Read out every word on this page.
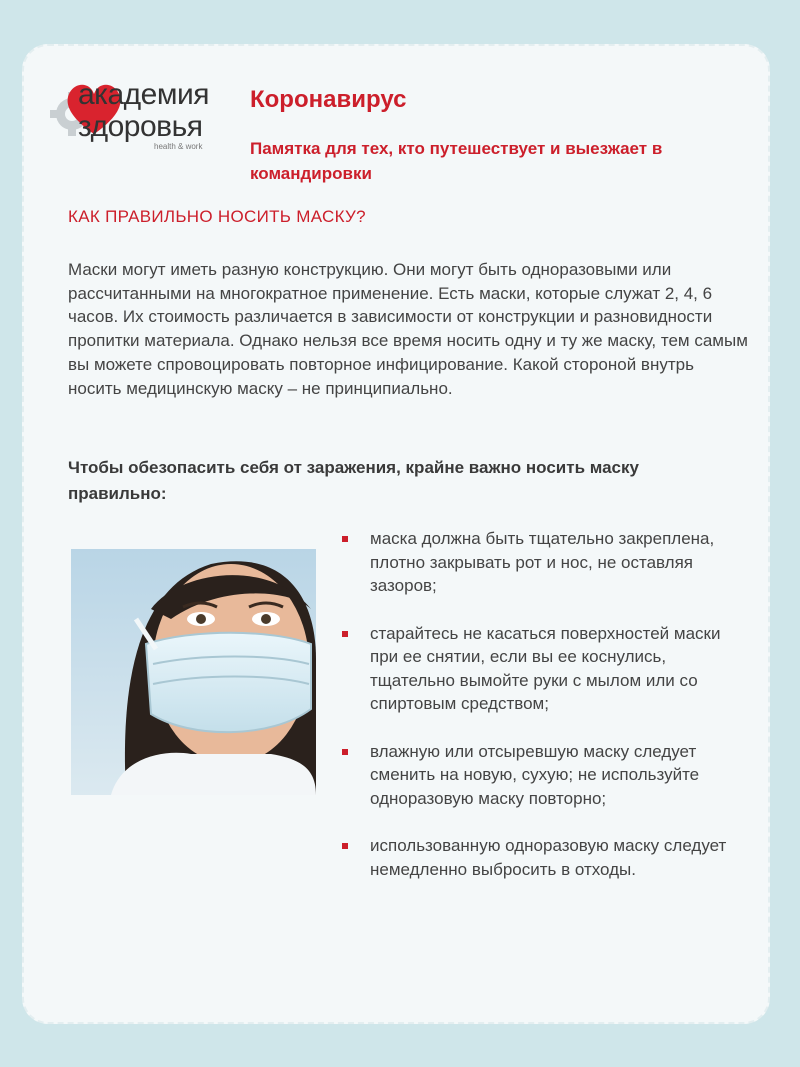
академия
здоровья
health & work
Коронавирус
Памятка для тех, кто путешествует и выезжает в командировки
КАК ПРАВИЛЬНО НОСИТЬ МАСКУ?
Маски могут иметь разную конструкцию. Они могут быть одноразовыми или рассчитанными на многократное применение. Есть маски, которые служат 2, 4, 6 часов. Их стоимость различается в зависимости от конструкции и разновидности пропитки материала. Однако нельзя все время носить одну и ту же маску, тем самым вы можете спровоцировать повторное инфицирование. Какой стороной внутрь носить медицинскую маску – не принципиально.
Чтобы обезопасить себя от заражения, крайне важно носить маску правильно:
маска должна быть тщательно закреплена, плотно закрывать рот и нос, не оставляя зазоров;
старайтесь не касаться поверхностей маски при ее снятии, если вы ее коснулись, тщательно вымойте руки с мылом или со спиртовым средством;
влажную или отсыревшую маску следует сменить на новую, сухую; не используйте одноразовую маску повторно;
использованную одноразовую маску следует немедленно выбросить в отходы.
